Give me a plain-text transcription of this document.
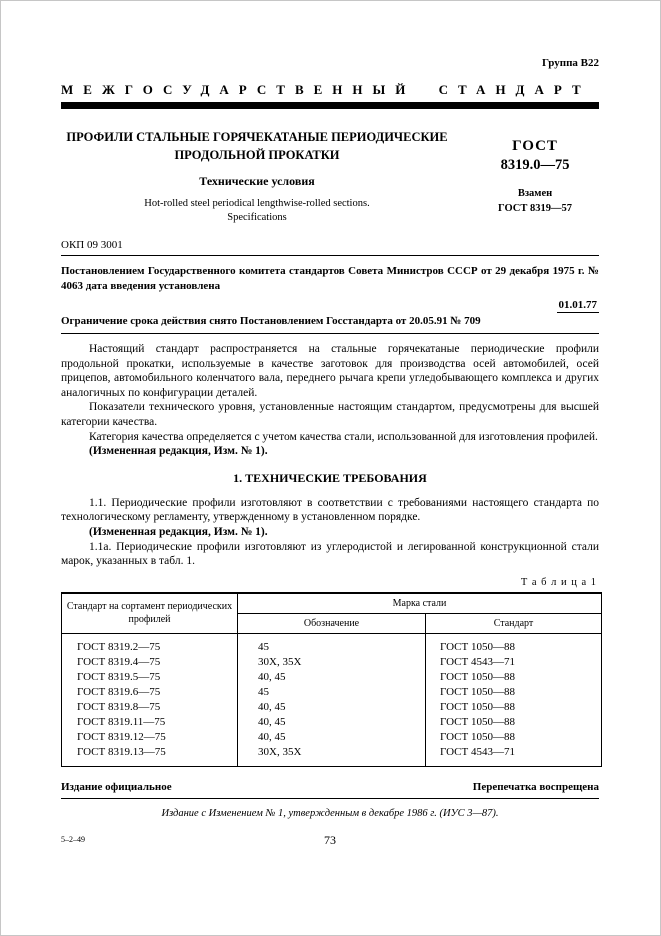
Группа В22
МЕЖГОСУДАРСТВЕННЫЙ СТАНДАРТ
ПРОФИЛИ СТАЛЬНЫЕ ГОРЯЧЕКАТАНЫЕ ПЕРИОДИЧЕСКИЕ
ПРОДОЛЬНОЙ ПРОКАТКИ
Технические условия
Hot-rolled steel periodical lengthwise-rolled sections.
Specifications
ГОСТ
8319.0—75
Взамен
ГОСТ 8319—57
ОКП 09 3001
Постановлением Государственного комитета стандартов Совета Министров СССР от 29 декабря 1975 г. № 4063 дата введения установлена
01.01.77
Ограничение срока действия снято Постановлением Госстандарта от 20.05.91 № 709

Настоящий стандарт распространяется на стальные горячекатаные периодические профили продольной прокатки, используемые в качестве заготовок для производства осей автомобилей, осей прицепов, автомобильного коленчатого вала, переднего рычага крепи угледобывающего комплекса и других аналогичных по конфигурации деталей.

Показатели технического уровня, установленные настоящим стандартом, предусмотрены для высшей категории качества.

Категория качества определяется с учетом качества стали, использованной для изготовления профилей.

(Измененная редакция, Изм. № 1).

1. ТЕХНИЧЕСКИЕ ТРЕБОВАНИЯ

1.1. Периодические профили изготовляют в соответствии с требованиями настоящего стандарта по технологическому регламенту, утвержденному в установленном порядке.

(Измененная редакция, Изм. № 1).

1.1а. Периодические профили изготовляют из углеродистой и легированной конструкционной стали марок, указанных в табл. 1.

Т а б л и ц а 1
Стандарт на сортамент периодических профилей	Марка стали	
	Обозначение	Стандарт
ГОСТ 8319.2—75	45	ГОСТ 1050—88
ГОСТ 8319.4—75	30Х, 35Х	ГОСТ 4543—71
ГОСТ 8319.5—75	40, 45	ГОСТ 1050—88
ГОСТ 8319.6—75	45	ГОСТ 1050—88
ГОСТ 8319.8—75	40, 45	ГОСТ 1050—88
ГОСТ 8319.11—75	40, 45	ГОСТ 1050—88
ГОСТ 8319.12—75	40, 45	ГОСТ 1050—88
ГОСТ 8319.13—75	30Х, 35Х	ГОСТ 4543—71
Издание официальное	Перепечатка воспрещена
Издание с Изменением № 1, утвержденным в декабре 1986 г. (ИУС 3—87).
5–2–49	73
